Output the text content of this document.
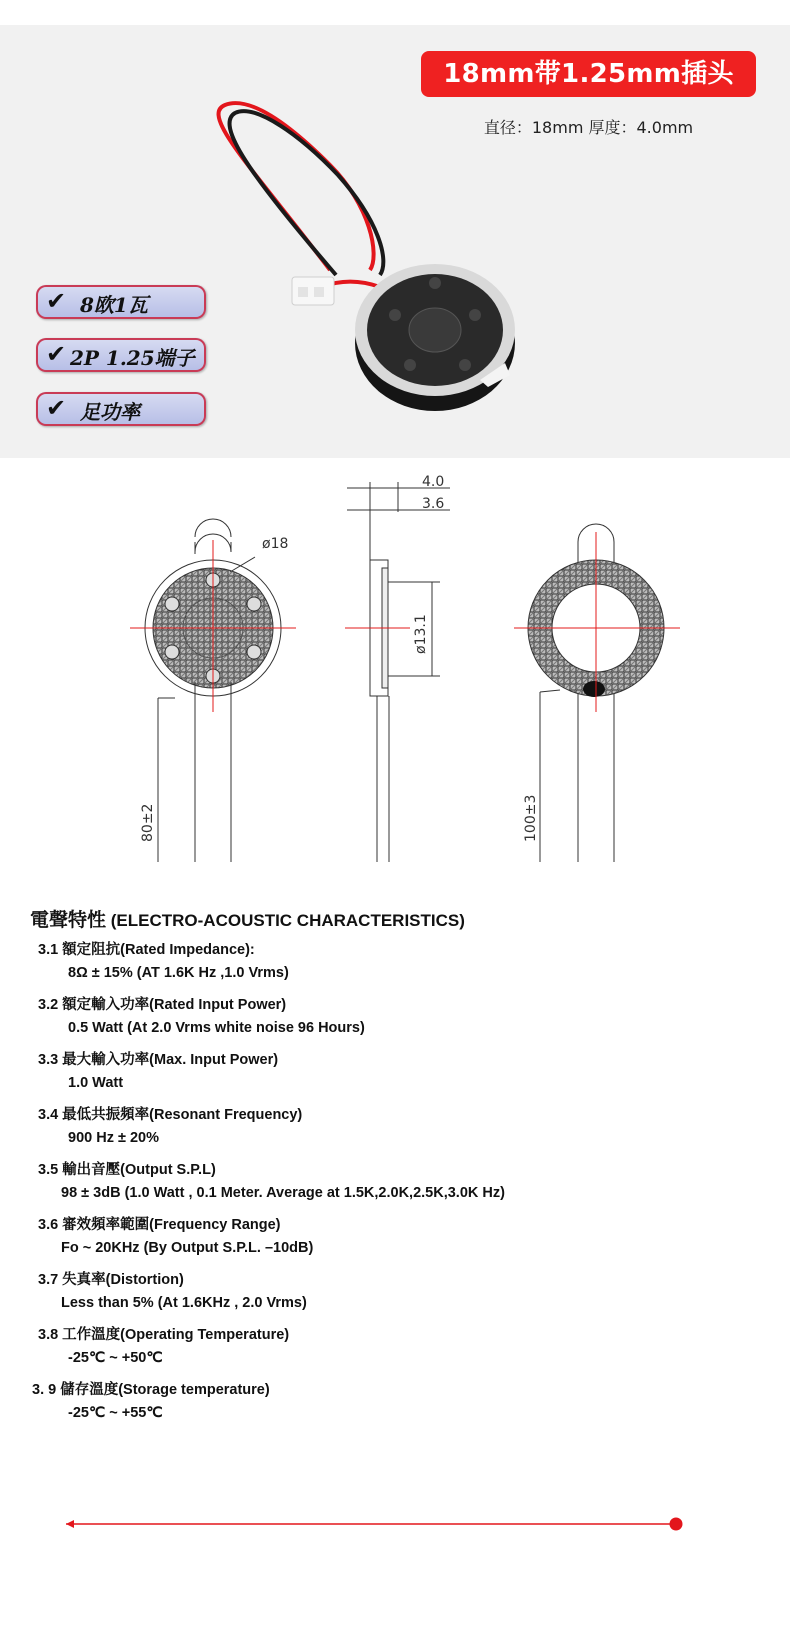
18mm带1.25mm插头
直径：18mm 厚度：4.0mm
✔ 8欧1瓦
✔ 2P 1.25端子
✔ 足功率
ø18
80±2
4.0
3.6
ø13.1
100±3
電聲特性 (ELECTRO-ACOUSTIC CHARACTERISTICS)
3.1 額定阻抗(Rated Impedance):
8Ω ± 15% (AT 1.6K Hz ,1.0 Vrms)
3.2 額定輸入功率(Rated Input Power)
0.5 Watt (At 2.0 Vrms white noise 96 Hours)
3.3 最大輸入功率(Max. Input Power)
1.0 Watt
3.4 最低共振頻率(Resonant Frequency)
900 Hz ± 20%
3.5 輸出音壓(Output S.P.L)
98 ± 3dB (1.0 Watt , 0.1 Meter. Average at 1.5K,2.0K,2.5K,3.0K Hz)
3.6 審效頻率範圍(Frequency Range)
Fo ~ 20KHz (By Output S.P.L. –10dB)
3.7 失真率(Distortion)
Less than 5% (At 1.6KHz , 2.0 Vrms)
3.8 工作溫度(Operating Temperature)
-25℃ ~ +50℃
3. 9 儲存溫度(Storage temperature)
-25℃ ~ +55℃
